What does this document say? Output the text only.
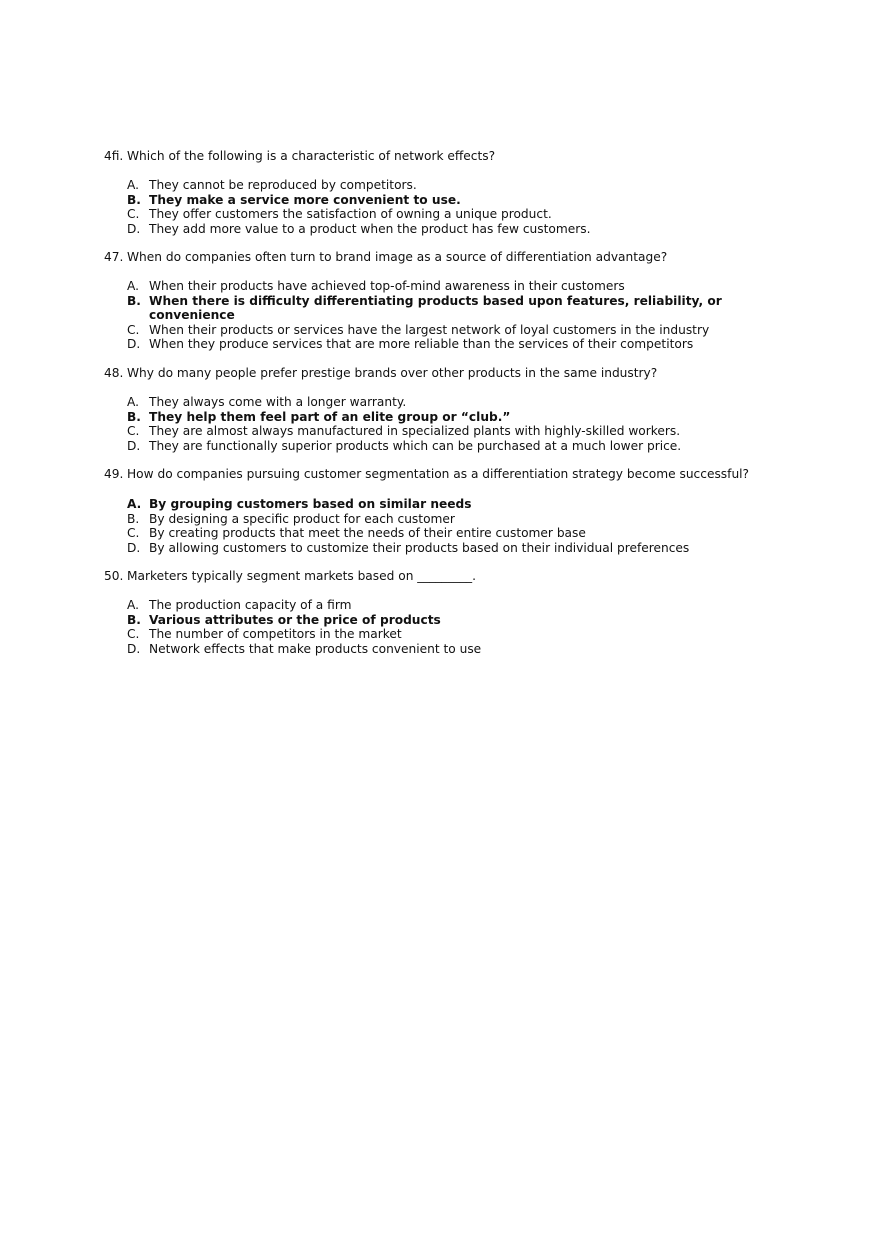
4fi. Which of the following is a characteristic of network effects?
A. They cannot be reproduced by competitors.
B. They make a service more convenient to use.
C. They offer customers the satisfaction of owning a unique product.
D. They add more value to a product when the product has few customers.
47. When do companies often turn to brand image as a source of differentiation advantage?
A. When their products have achieved top-of-mind awareness in their customers
B. When there is difficulty differentiating products based upon features, reliability, or convenience
C. When their products or services have the largest network of loyal customers in the industry
D. When they produce services that are more reliable than the services of their competitors
48. Why do many people prefer prestige brands over other products in the same industry?
A. They always come with a longer warranty.
B. They help them feel part of an elite group or “club.”
C. They are almost always manufactured in specialized plants with highly-skilled workers.
D. They are functionally superior products which can be purchased at a much lower price.
49. How do companies pursuing customer segmentation as a differentiation strategy become successful?
A. By grouping customers based on similar needs
B. By designing a specific product for each customer
C. By creating products that meet the needs of their entire customer base
D. By allowing customers to customize their products based on their individual preferences
50. Marketers typically segment markets based on _________.
A. The production capacity of a firm
B. Various attributes or the price of products
C. The number of competitors in the market
D. Network effects that make products convenient to use
